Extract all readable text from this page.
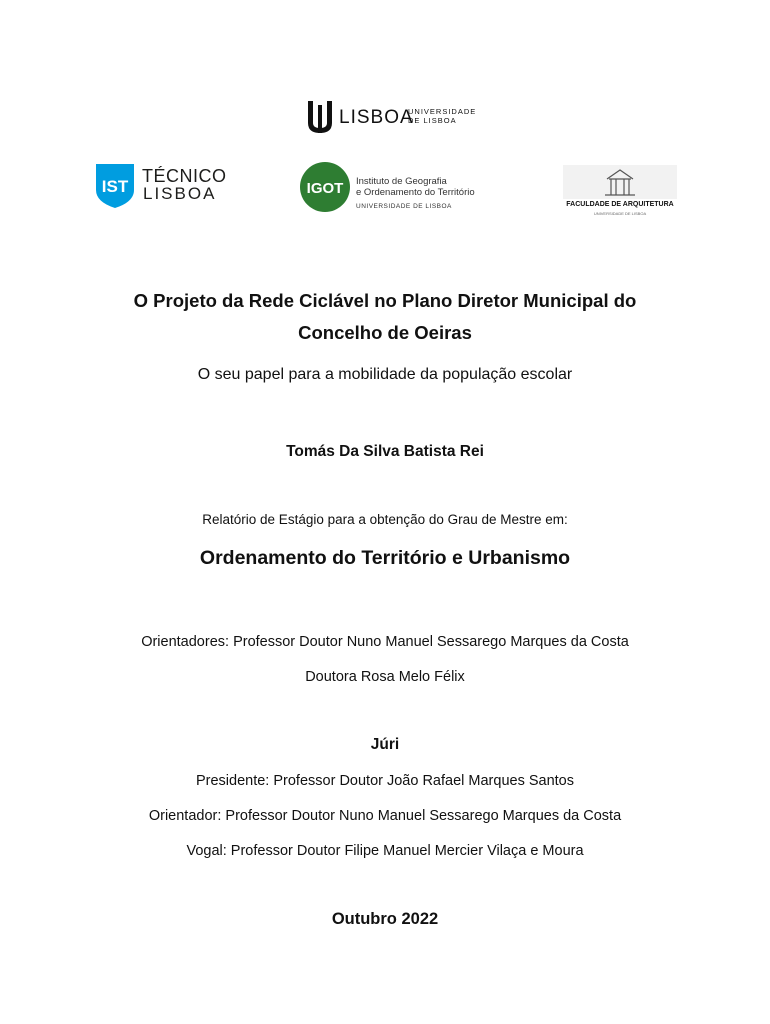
LISBOA
UNIVERSIDADE
DE LISBOA
IST
TÉCNICO
LISBOA	IGOT Instituto de Geografia
e Ordenamento do Território
UNIVERSIDADE DE LISBOA	FACULDADE DE ARQUITETURA
UNIVERSIDADE DE LISBOA
O Projeto da Rede Ciclável no Plano Diretor Municipal do
Concelho de Oeiras
O seu papel para a mobilidade da população escolar
Tomás Da Silva Batista Rei
Relatório de Estágio para a obtenção do Grau de Mestre em:
Ordenamento do Território e Urbanismo
Orientadores: Professor Doutor Nuno Manuel Sessarego Marques da Costa
Doutora Rosa Melo Félix
Júri
Presidente: Professor Doutor João Rafael Marques Santos
Orientador: Professor Doutor Nuno Manuel Sessarego Marques da Costa
Vogal: Professor Doutor Filipe Manuel Mercier Vilaça e Moura
Outubro 2022
